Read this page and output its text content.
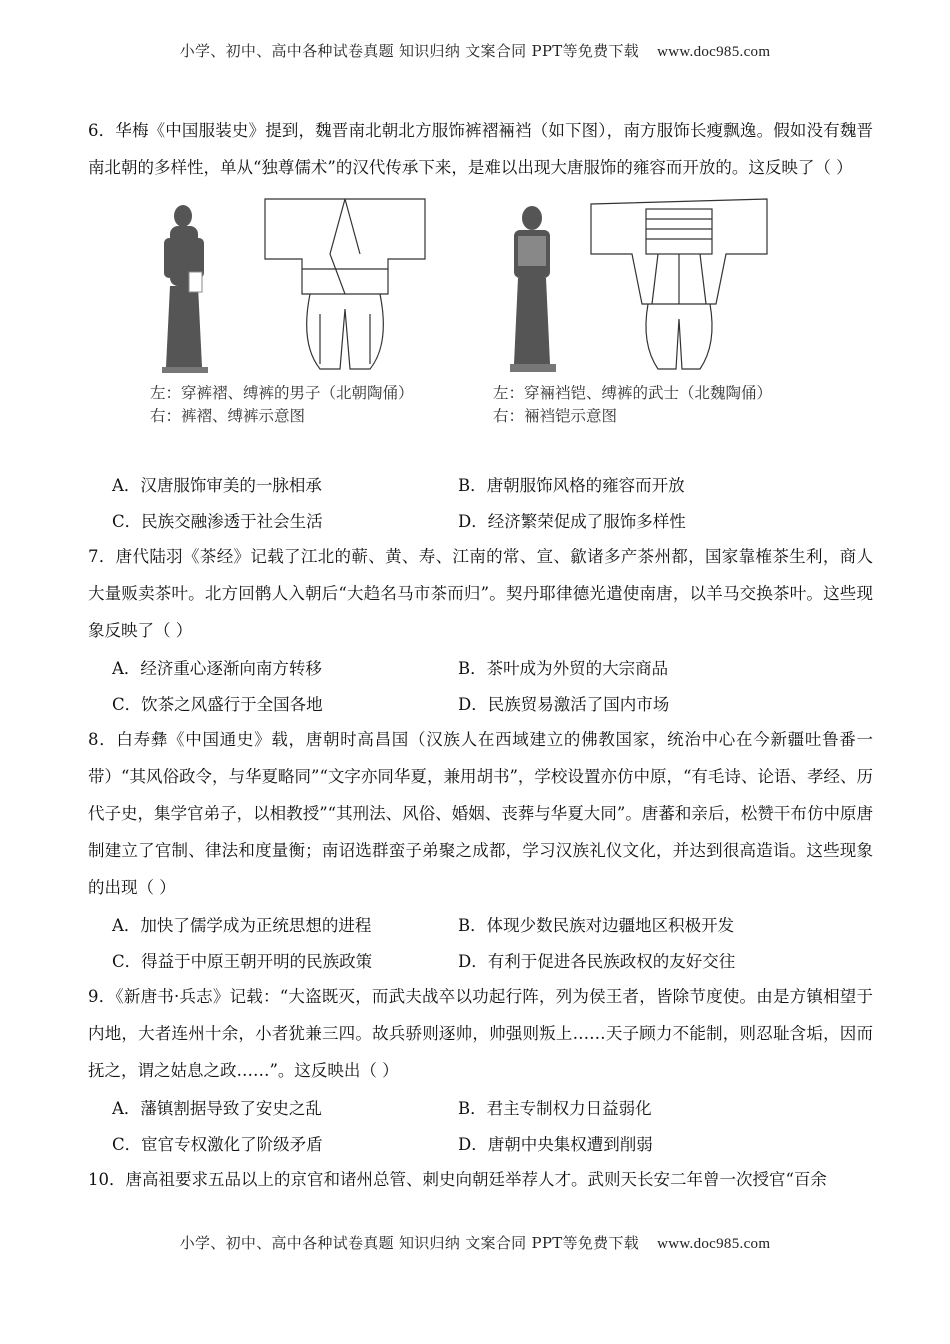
小学、初中、高中各种试卷真题 知识归纳 文案合同 PPT等免费下载 www.doc985.com

6．华梅《中国服装史》提到，魏晋南北朝北方服饰裤褶裲裆（如下图），南方服饰长瘦飘逸。假如没有魏晋南北朝的多样性，单从“独尊儒术”的汉代传承下来，是难以出现大唐服饰的雍容而开放的。这反映了（ ）

左：穿裤褶、缚裤的男子（北朝陶俑）
右：裤褶、缚裤示意图
左：穿裲裆铠、缚裤的武士（北魏陶俑）
右：裲裆铠示意图
A．汉唐服饰审美的一脉相承	B．唐朝服饰风格的雍容而开放
C．民族交融渗透于社会生活	D．经济繁荣促成了服饰多样性

7．唐代陆羽《茶经》记载了江北的蕲、黄、寿、江南的常、宣、歙诸多产茶州都，国家靠榷茶生利，商人大量贩卖茶叶。北方回鹘人入朝后“大趋名马市茶而归”。契丹耶律德光遣使南唐，以羊马交换茶叶。这些现象反映了（ ）

A．经济重心逐渐向南方转移	B．茶叶成为外贸的大宗商品
C．饮茶之风盛行于全国各地	D．民族贸易激活了国内市场

8．白寿彝《中国通史》载，唐朝时高昌国（汉族人在西域建立的佛教国家，统治中心在今新疆吐鲁番一带）“其风俗政令，与华夏略同”“文字亦同华夏，兼用胡书”，学校设置亦仿中原，“有毛诗、论语、孝经、历代子史，集学官弟子，以相教授”“其刑法、风俗、婚姻、丧葬与华夏大同”。唐蕃和亲后，松赞干布仿中原唐制建立了官制、律法和度量衡；南诏选群蛮子弟聚之成都，学习汉族礼仪文化，并达到很高造诣。这些现象的出现（ ）

A．加快了儒学成为正统思想的进程	B．体现少数民族对边疆地区积极开发
C．得益于中原王朝开明的民族政策	D．有利于促进各民族政权的友好交往

9．《新唐书·兵志》记载：“大盗既灭，而武夫战卒以功起行阵，列为侯王者，皆除节度使。由是方镇相望于内地，大者连州十余，小者犹兼三四。故兵骄则逐帅，帅强则叛上……天子顾力不能制，则忍耻含垢，因而抚之，谓之姑息之政……”。这反映出（ ）

A．藩镇割据导致了安史之乱	B．君主专制权力日益弱化
C．宦官专权激化了阶级矛盾	D．唐朝中央集权遭到削弱

10．唐高祖要求五品以上的京官和诸州总管、刺史向朝廷举荐人才。武则天长安二年曾一次授官“百余

小学、初中、高中各种试卷真题 知识归纳 文案合同 PPT等免费下载 www.doc985.com
